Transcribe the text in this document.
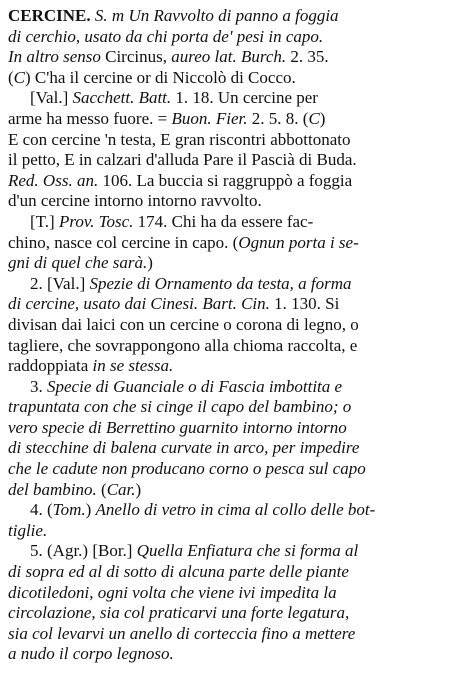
CERCINE. S. m Un Ravvolto di panno a foggia
di cerchio, usato da chi porta de' pesi in capo.
In altro senso Circinus, aureo lat. Burch. 2. 35.
(C) C'ha il cercine or di Niccolò di Cocco.
[Val.] Sacchett. Batt. 1. 18. Un cercine per
arme ha messo fuore. = Buon. Fier. 2. 5. 8. (C)
E con cercine 'n testa, E gran riscontri abbottonato
il petto, E in calzari d'alluda Pare il Pascià di Buda.
Red. Oss. an. 106. La buccia si raggruppò a foggia
d'un cercine intorno intorno ravvolto.
[T.] Prov. Tosc. 174. Chi ha da essere fac-
chino, nasce col cercine in capo. (Ognun porta i se-
gni di quel che sarà.)
2. [Val.] Spezie di Ornamento da testa, a forma
di cercine, usato dai Cinesi. Bart. Cin. 1. 130. Si
divisan dai laici con un cercine o corona di legno, o
tagliere, che sovrappongono alla chioma raccolta, e
raddoppiata in se stessa.
3. Specie di Guanciale o di Fascia imbottita e
trapuntata con che si cinge il capo del bambino; o
vero specie di Berrettino guarnito intorno intorno
di stecchine di balena curvate in arco, per impedire
che le cadute non producano corno o pesca sul capo
del bambino. (Car.)
4. (Tom.) Anello di vetro in cima al collo delle bot-
tiglie.
5. (Agr.) [Bor.] Quella Enfiatura che si forma al
di sopra ed al di sotto di alcuna parte delle piante
dicotiledoni, ogni volta che viene ivi impedita la
circolazione, sia col praticarvi una forte legatura,
sia col levarvi un anello di corteccia fino a mettere
a nudo il corpo legnoso.
